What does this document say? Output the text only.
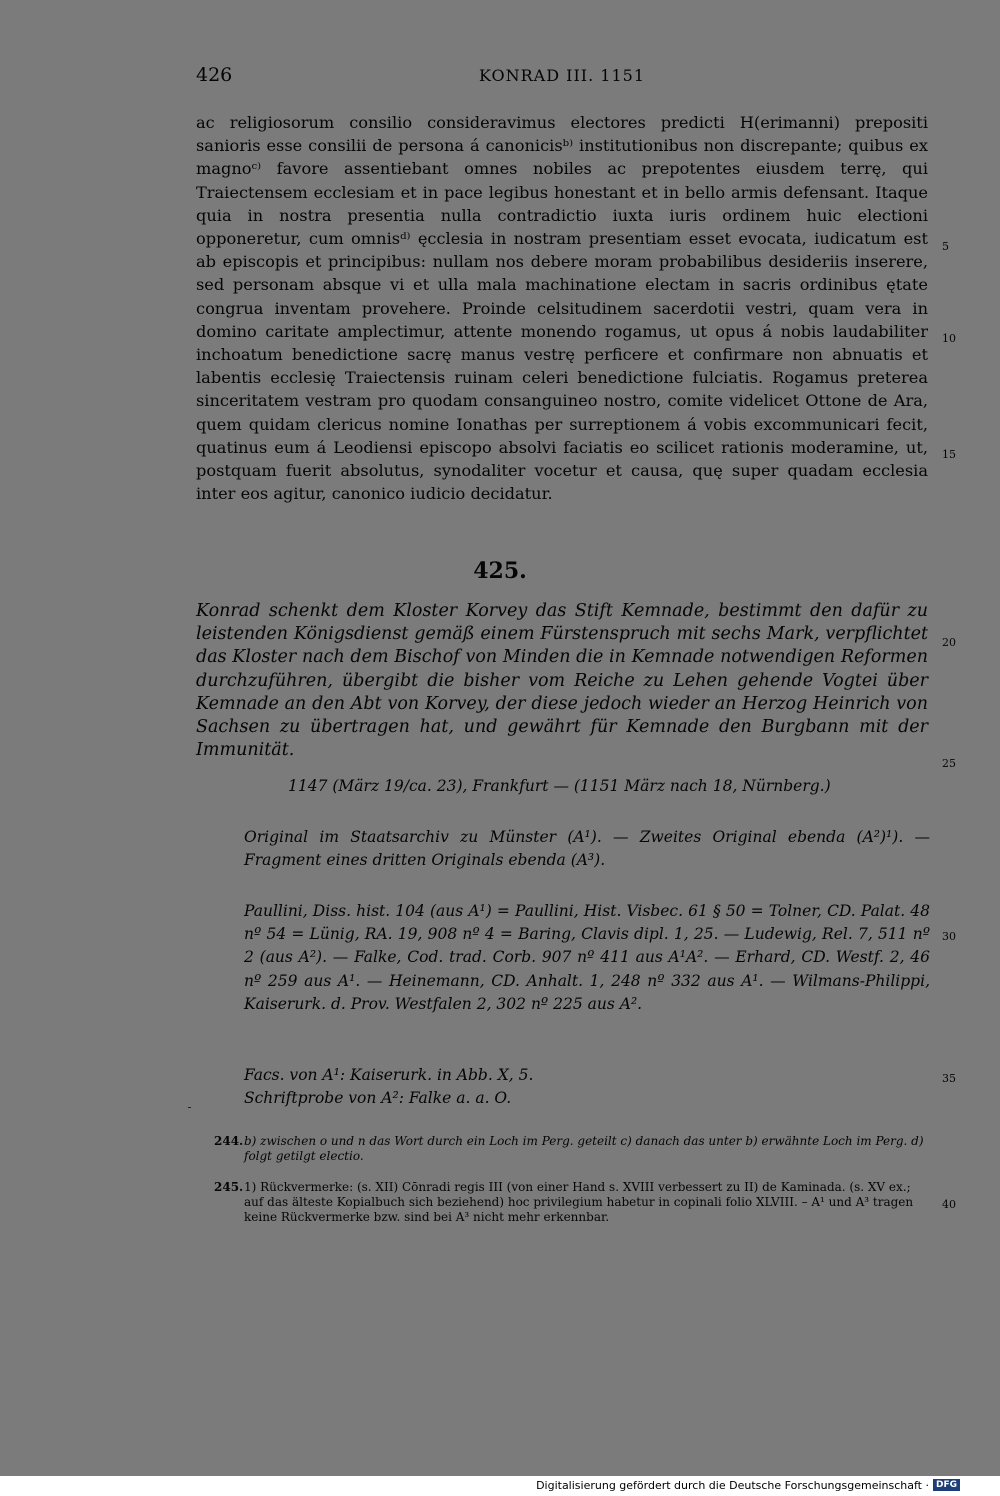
426	KONRAD III. 1151

ac religiosorum consilio consideravimus electores predicti H(erimanni) prepositi sanioris esse consilii de persona á canonicisᵇ⁾ institutionibus non discrepante; quibus ex magnoᶜ⁾ favore assentiebant omnes nobiles ac prepotentes eiusdem terrę, qui Traiectensem ecclesiam et in pace legibus honestant et in bello armis defensant. Itaque quia in nostra presentia nulla contradictio iuxta iuris ordinem huic electioni opponeretur, cum omnisᵈ⁾ ęcclesia in nostram presentiam esset evocata, iudicatum est ab episcopis et principibus: nullam nos debere moram probabilibus desideriis inserere, sed personam absque vi et ulla mala machinatione electam in sacris ordinibus ętate congrua inventam provehere. Proinde celsitudinem sacerdotii vestri, quam vera in domino caritate amplectimur, attente monendo rogamus, ut opus á nobis laudabiliter inchoatum benedictione sacrę manus vestrę perficere et confirmare non abnuatis et labentis ecclesię Traiectensis ruinam celeri benedictione fulciatis. Rogamus preterea sinceritatem vestram pro quodam consanguineo nostro, comite videlicet Ottone de Ara, quem quidam clericus nomine Ionathas per surreptionem á vobis excommunicari fecit, quatinus eum á Leodiensi episcopo absolvi faciatis eo scilicet rationis moderamine, ut, postquam fuerit absolutus, synodaliter vocetur et causa, quę super quadam ecclesia inter eos agitur, canonico iudicio decidatur.

5
10
15
20
25
30
35
40
425.

Konrad schenkt dem Kloster Korvey das Stift Kemnade, bestimmt den dafür zu leistenden Königsdienst gemäß einem Fürstenspruch mit sechs Mark, verpflichtet das Kloster nach dem Bischof von Minden die in Kemnade notwendigen Reformen durchzuführen, übergibt die bisher vom Reiche zu Lehen gehende Vogtei über Kemnade an den Abt von Korvey, der diese jedoch wieder an Herzog Heinrich von Sachsen zu übertragen hat, und gewährt für Kemnade den Burgbann mit der Immunität.

1147 (März 19/ca. 23), Frankfurt — (1151 März nach 18, Nürnberg.)

Original im Staatsarchiv zu Münster (A¹). — Zweites Original ebenda (A²)¹). — Fragment eines dritten Originals ebenda (A³).

Paullini, Diss. hist. 104 (aus A¹) = Paullini, Hist. Visbec. 61 § 50 = Tolner, CD. Palat. 48 nº 54 = Lünig, RA. 19, 908 nº 4 = Baring, Clavis dipl. 1, 25. — Ludewig, Rel. 7, 511 nº 2 (aus A²). — Falke, Cod. trad. Corb. 907 nº 411 aus A¹A². — Erhard, CD. Westf. 2, 46 nº 259 aus A¹. — Heinemann, CD. Anhalt. 1, 248 nº 332 aus A¹. — Wilmans-Philippi, Kaiserurk. d. Prov. Westfalen 2, 302 nº 225 aus A².

Facs. von A¹: Kaiserurk. in Abb. X, 5.
Schriftprobe von A²: Falke a. a. O.

244. b) zwischen o und n das Wort durch ein Loch im Perg. geteilt c) danach das unter b) erwähnte Loch im Perg. d) folgt getilgt electio.
245. 1) Rückvermerke: (s. XII) Cōnradi regis III (von einer Hand s. XVIII verbessert zu II) de Kaminada. (s. XV ex.; auf das älteste Kopialbuch sich beziehend) hoc privilegium habetur in copinali folio XLVIII. – A¹ und A³ tragen keine Rückvermerke bzw. sind bei A³ nicht mehr erkennbar.
Digitalisierung gefördert durch die Deutsche Forschungsgemeinschaft · DFG
